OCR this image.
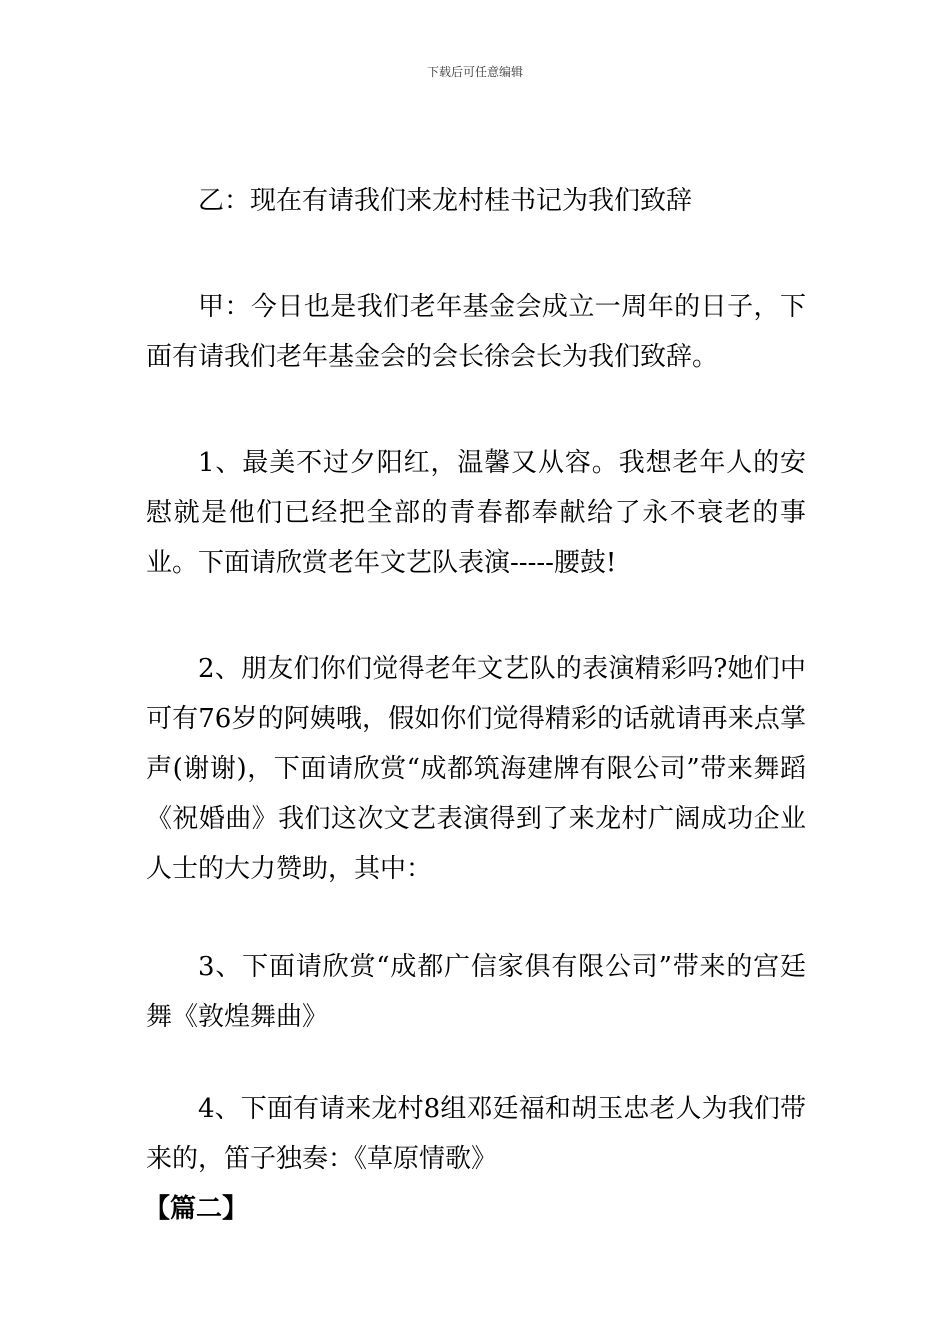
下载后可任意编辑

乙：现在有请我们来龙村桂书记为我们致辞

甲：今日也是我们老年基金会成立一周年的日子，下面有请我们老年基金会的会长徐会长为我们致辞。

1、最美不过夕阳红，温馨又从容。我想老年人的安慰就是他们已经把全部的青春都奉献给了永不衰老的事业。下面请欣赏老年文艺队表演-----腰鼓!

2、朋友们你们觉得老年文艺队的表演精彩吗?她们中可有76岁的阿姨哦，假如你们觉得精彩的话就请再来点掌声(谢谢)，下面请欣赏“成都筑海建牌有限公司”带来舞蹈《祝婚曲》我们这次文艺表演得到了来龙村广阔成功企业人士的大力赞助，其中：

3、下面请欣赏“成都广信家俱有限公司”带来的宫廷舞《敦煌舞曲》

4、下面有请来龙村8组邓廷福和胡玉忠老人为我们带来的，笛子独奏：《草原情歌》

【篇二】
